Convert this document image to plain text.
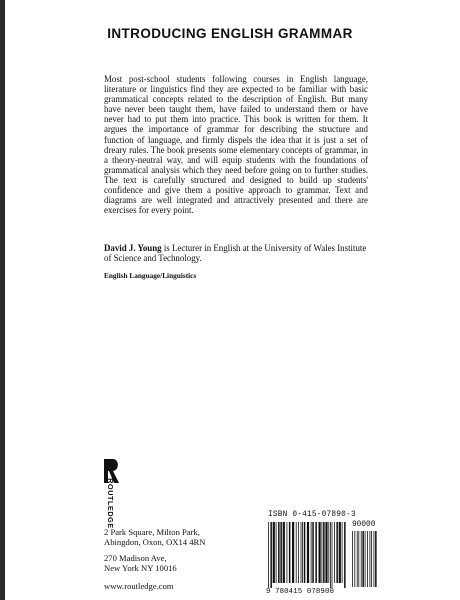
INTRODUCING ENGLISH GRAMMAR

Most post-school students following courses in English language, literature or linguistics find they are expected to be familiar with basic grammatical concepts related to the description of English. But many have never been taught them, have failed to understand them or have never had to put them into practice. This book is written for them. It argues the importance of grammar for describing the structure and function of language, and firmly dispels the idea that it is just a set of dreary rules. The book presents some elementary concepts of grammar, in a theory-neutral way, and will equip students with the foundations of grammatical analysis which they need before going on to further studies. The text is carefully structured and designed to build up students' confidence and give them a positive approach to grammar. Text and diagrams are well integrated and attractively presented and there are exercises for every point.

David J. Young is Lecturer in English at the University of Wales Institute of Science and Technology.

English Language/Linguistics
ROUTLEDGE
2 Park Square, Milton Park,
Abingdon, Oxon, OX14 4RN
270 Madison Ave,
New York NY 10016
www.routledge.com
ISBN 0-415-07890-3
90000
9 780415 078900
